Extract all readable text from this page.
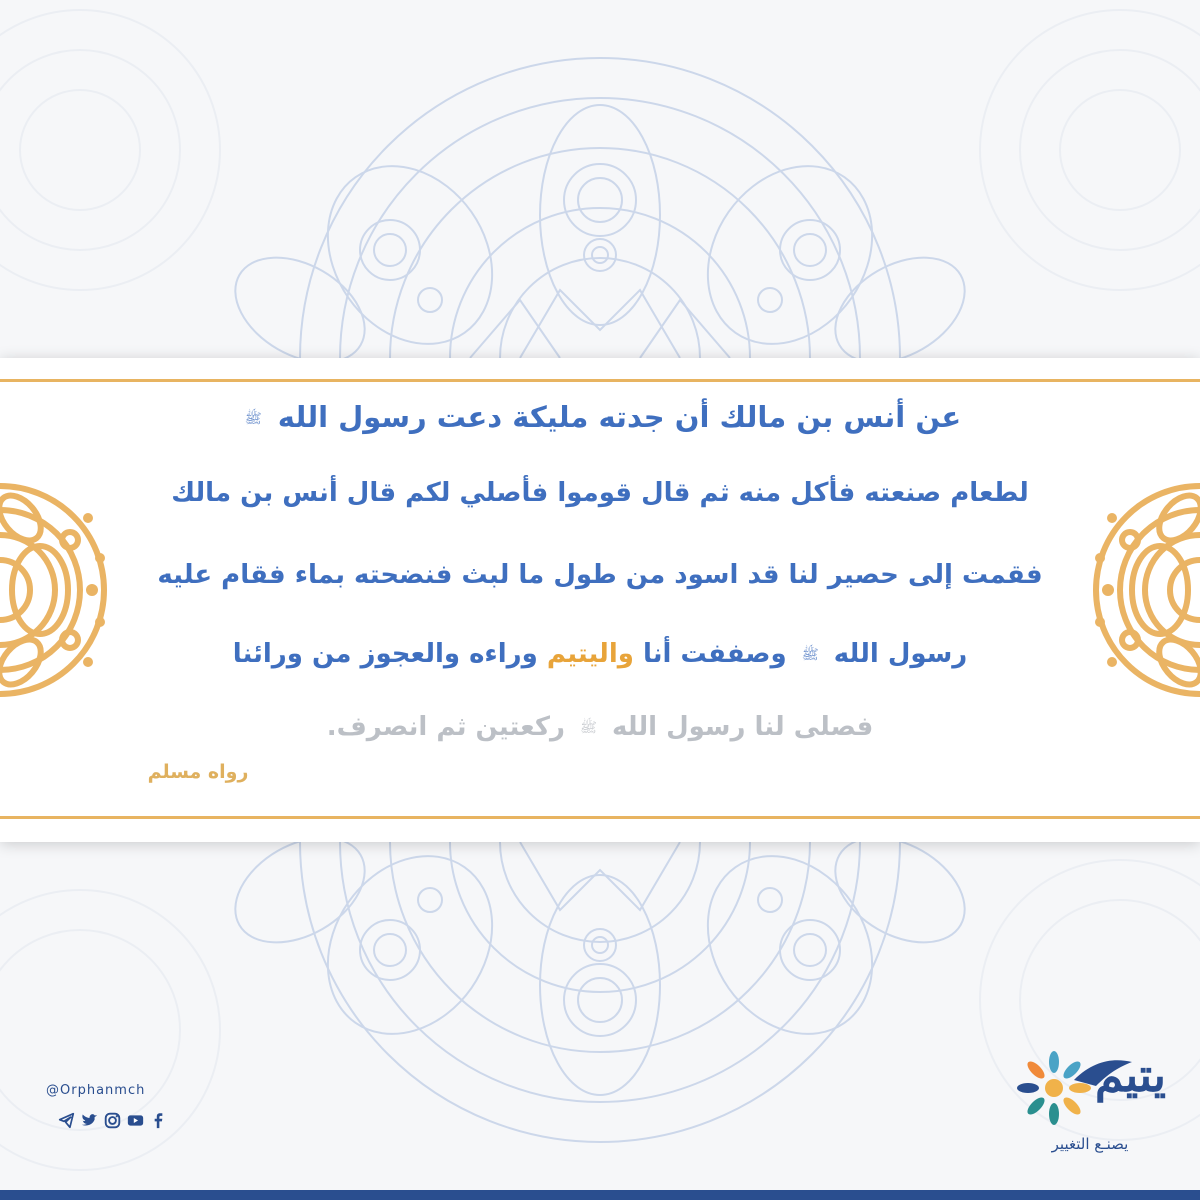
عن أنس بن مالك أن جدته مليكة دعت رسول الله ﷺ
لطعام صنعته فأكل منه ثم قال قوموا فأصلي لكم قال أنس بن مالك
فقمت إلى حصير لنا قد اسود من طول ما لبث فنضحته بماء فقام عليه
رسول الله ﷺ وصففت أنا واليتيم وراءه والعجوز من ورائنا
فصلى لنا رسول الله ﷺ ركعتين ثم انصرف.
رواه مسلم
@Orphanmch	يتيم
يصنـع التغيير
